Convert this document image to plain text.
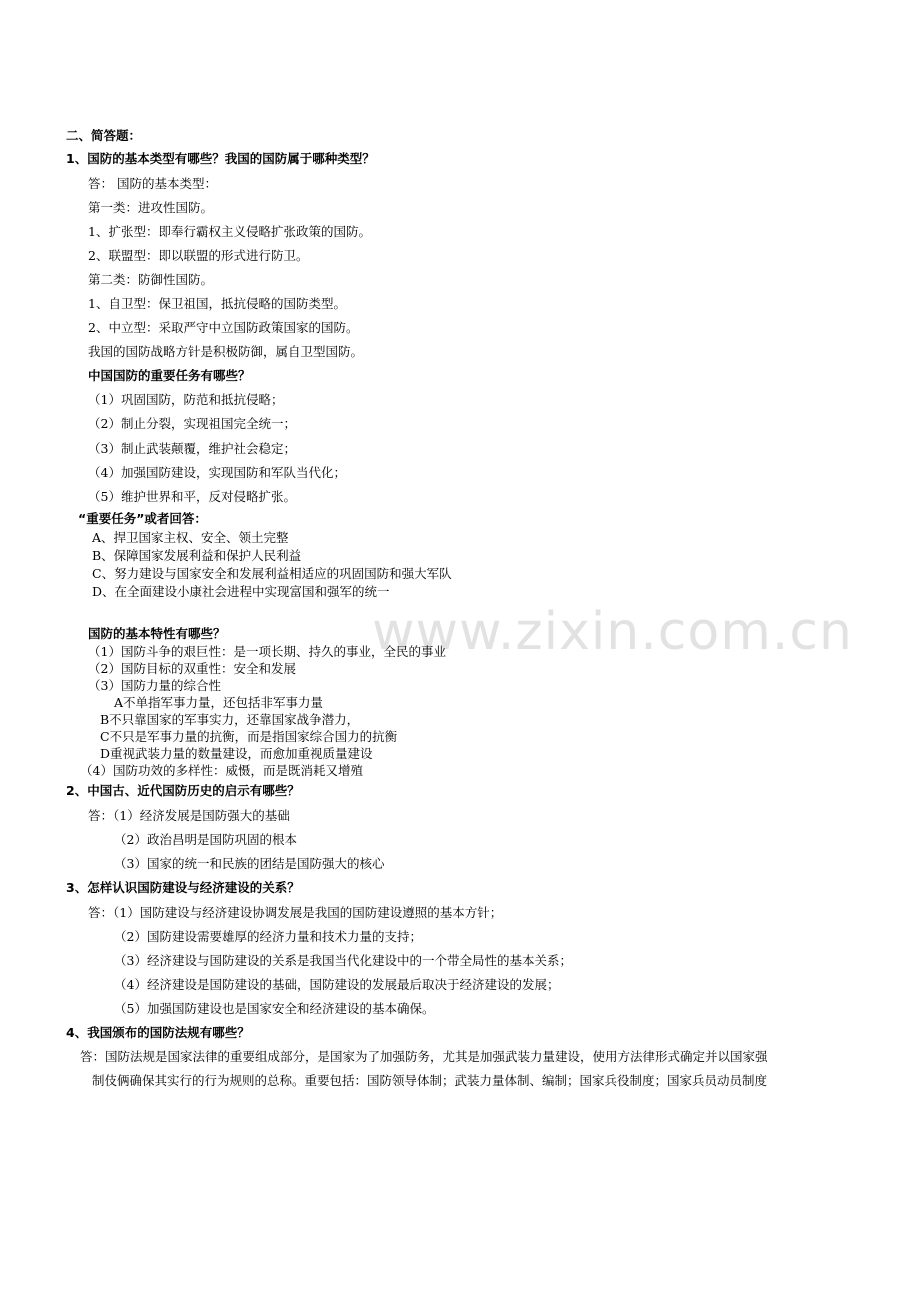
www.zixin.com.cn
二、简答题：
1、国防的基本类型有哪些？我国的国防属于哪种类型？
答： 国防的基本类型：
第一类：进攻性国防。
1、扩张型：即奉行霸权主义侵略扩张政策的国防。
2、联盟型：即以联盟的形式进行防卫。
第二类：防御性国防。
1、自卫型：保卫祖国，抵抗侵略的国防类型。
2、中立型：采取严守中立国防政策国家的国防。
我国的国防战略方针是积极防御，属自卫型国防。
中国国防的重要任务有哪些？
（1）巩固国防，防范和抵抗侵略；
（2）制止分裂，实现祖国完全统一；
（3）制止武装颠覆，维护社会稳定；
（4）加强国防建设，实现国防和军队当代化；
（5）维护世界和平，反对侵略扩张。
“重要任务”或者回答：
A、捍卫国家主权、安全、领土完整
B、保障国家发展利益和保护人民利益
C、努力建设与国家安全和发展利益相适应的巩固国防和强大军队
D、在全面建设小康社会进程中实现富国和强军的统一
国防的基本特性有哪些？
（1）国防斗争的艰巨性：是一项长期、持久的事业，全民的事业
（2）国防目标的双重性：安全和发展
（3）国防力量的综合性
A不单指军事力量，还包括非军事力量
B不只靠国家的军事实力，还靠国家战争潜力，
C不只是军事力量的抗衡，而是指国家综合国力的抗衡
D重视武装力量的数量建设，而愈加重视质量建设
（4）国防功效的多样性：威慑，而是既消耗又增殖
2、中国古、近代国防历史的启示有哪些？
答：（1）经济发展是国防强大的基础
（2）政治昌明是国防巩固的根本
（3）国家的统一和民族的团结是国防强大的核心
3、怎样认识国防建设与经济建设的关系？
答：（1）国防建设与经济建设协调发展是我国的国防建设遵照的基本方针；
（2）国防建设需要雄厚的经济力量和技术力量的支持；
（3）经济建设与国防建设的关系是我国当代化建设中的一个带全局性的基本关系；
（4）经济建设是国防建设的基础，国防建设的发展最后取决于经济建设的发展；
（5）加强国防建设也是国家安全和经济建设的基本确保。
4、我国颁布的国防法规有哪些？
答：国防法规是国家法律的重要组成部分，是国家为了加强防务，尤其是加强武装力量建设，使用方法律形式确定并以国家强
制伎俩确保其实行的行为规则的总称。重要包括：国防领导体制；武装力量体制、编制；国家兵役制度；国家兵员动员制度
